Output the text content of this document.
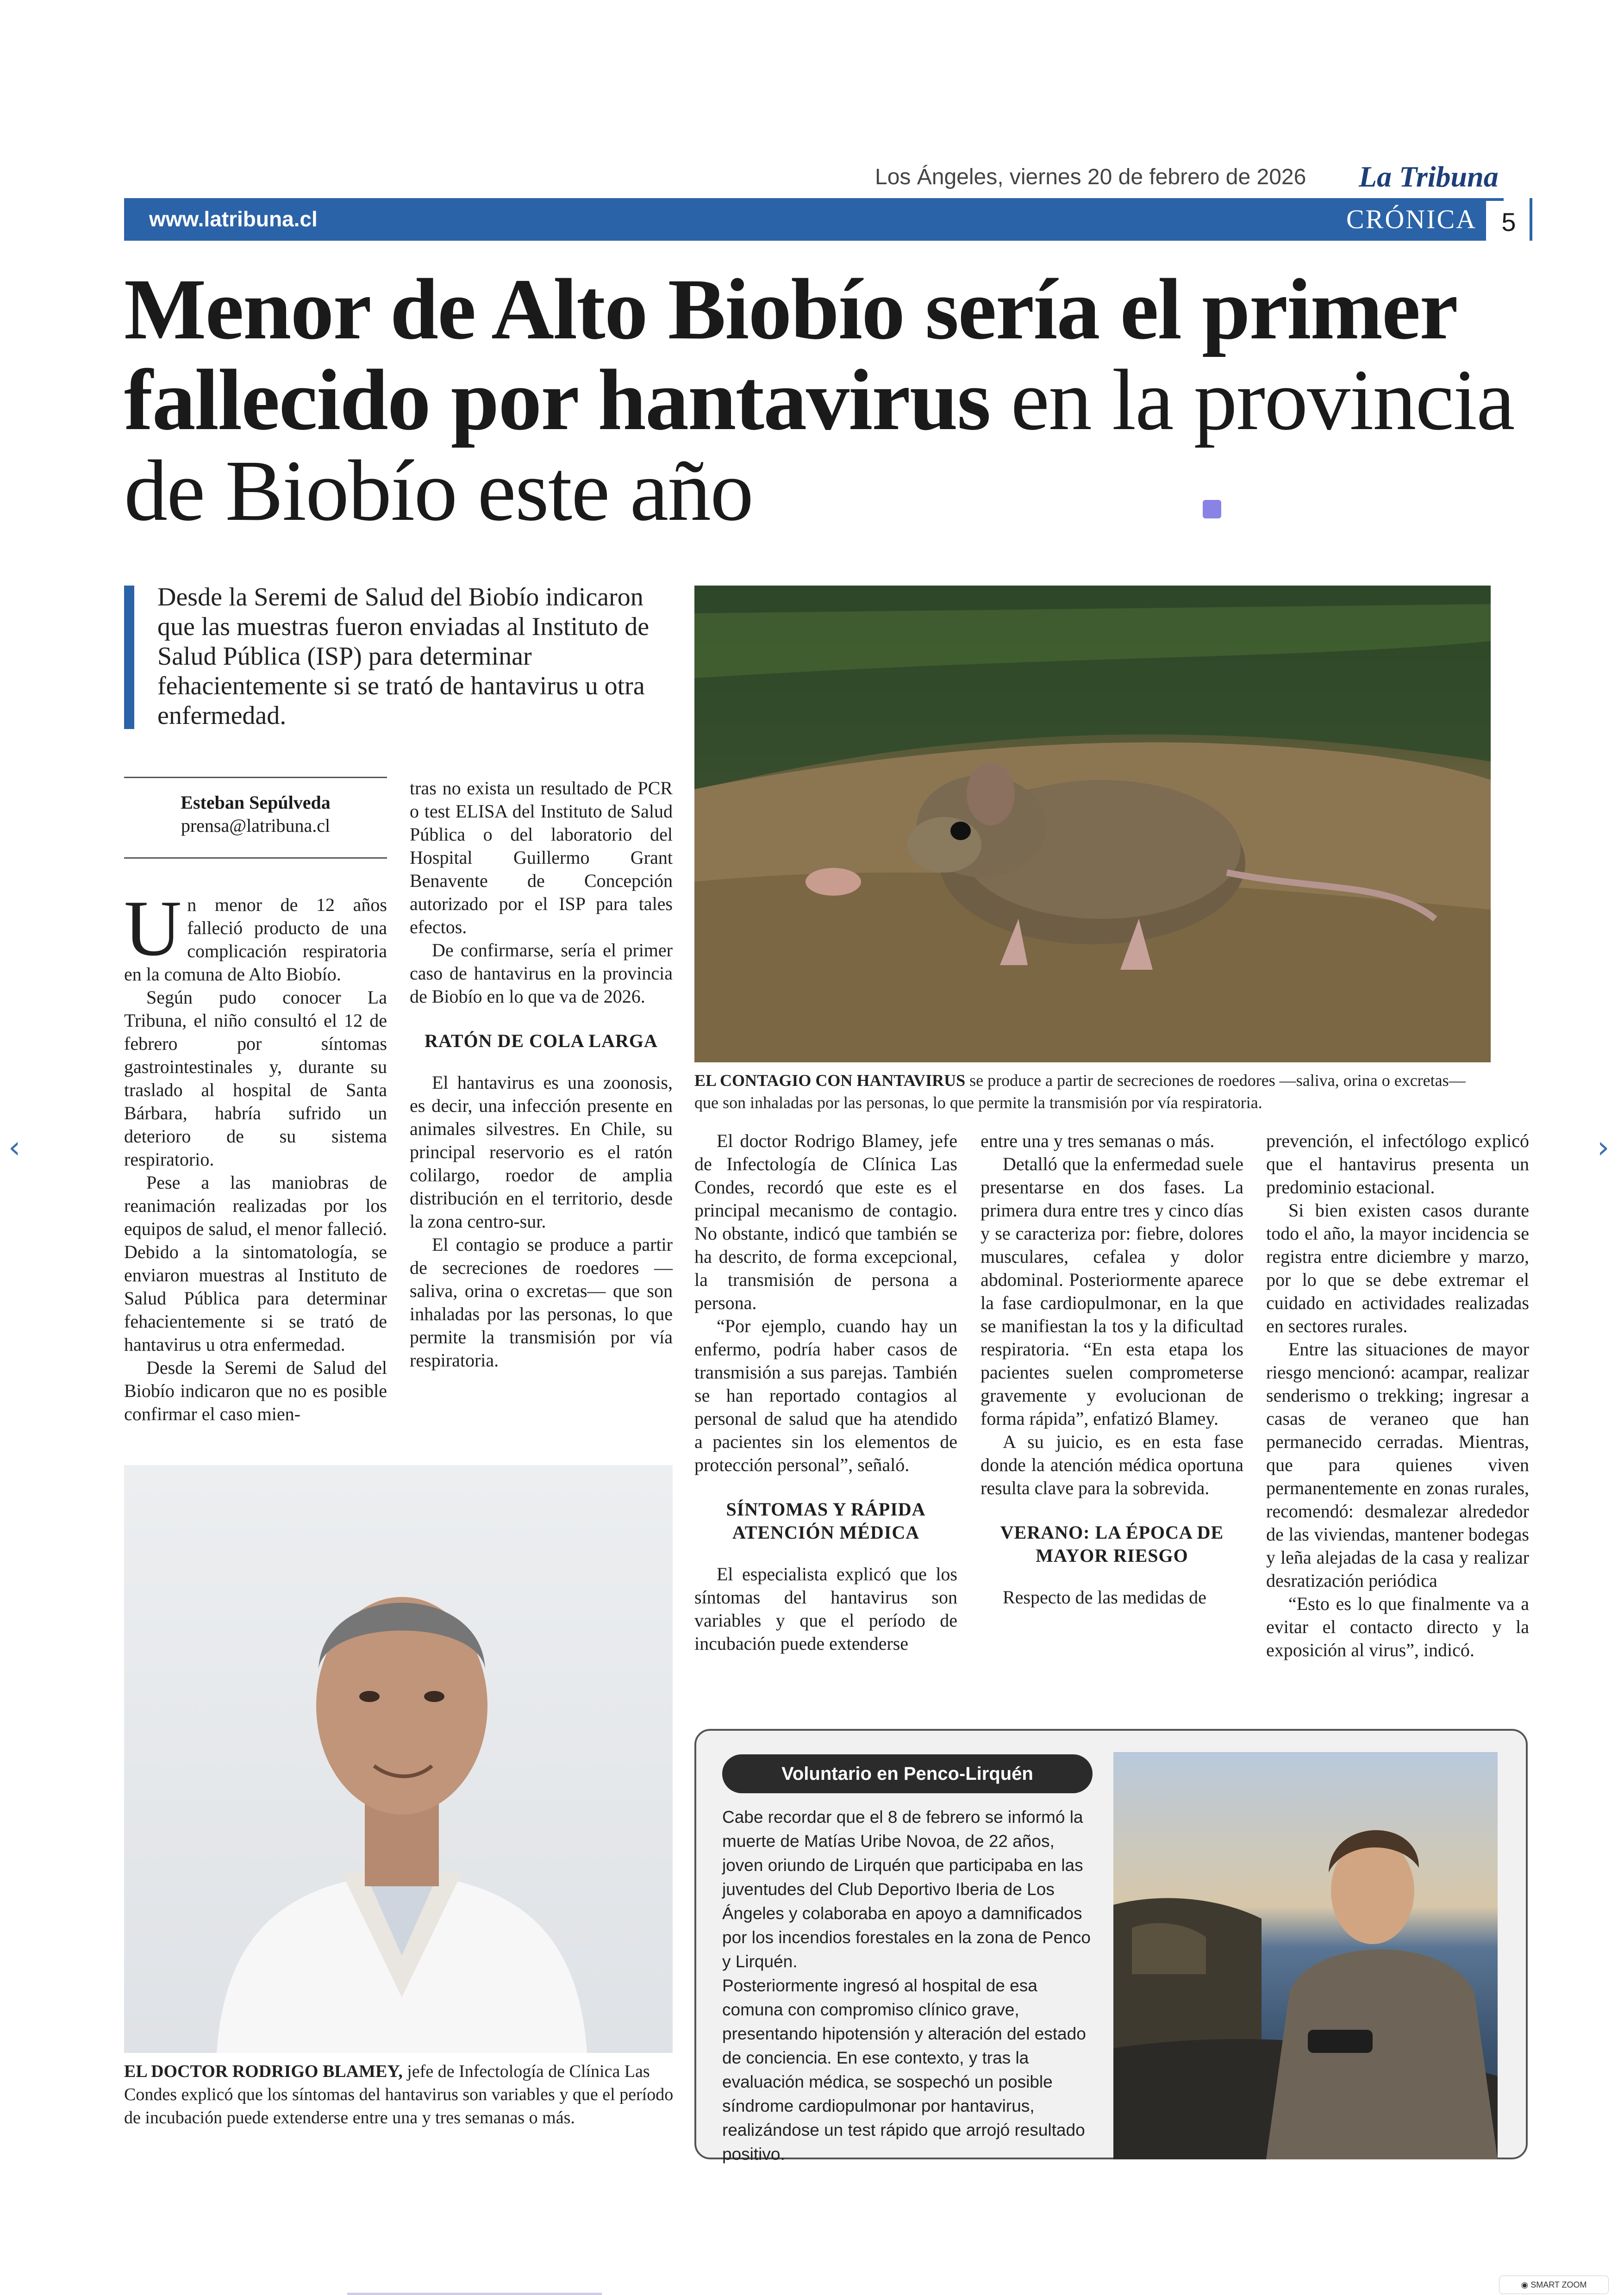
Los Ángeles, viernes 20 de febrero de 2026 La Tribuna
www.latribuna.cl	CRÓNICA 5
Menor de Alto Biobío sería el primer fallecido por hantavirus en la provincia de Biobío este año
Desde la Seremi de Salud del Biobío indicaron que las muestras fueron enviadas al Instituto de Salud Pública (ISP) para determinar fehacientemente si se trató de hantavirus u otra enfermedad.
Esteban Sepúlveda
prensa@latribuna.cl

Un menor de 12 años falleció producto de una complicación respiratoria en la comuna de Alto Biobío.

Según pudo conocer La Tribuna, el niño consultó el 12 de febrero por síntomas gastrointestinales y, durante su traslado al hospital de Santa Bárbara, habría sufrido un deterioro de su sistema respiratorio.

Pese a las maniobras de reanimación realizadas por los equipos de salud, el menor falleció. Debido a la sintomatología, se enviaron muestras al Instituto de Salud Pública para determinar fehacientemente si se trató de hantavirus u otra enfermedad.

Desde la Seremi de Salud del Biobío indicaron que no es posible confirmar el caso mien-

tras no exista un resultado de PCR o test ELISA del Instituto de Salud Pública o del laboratorio del Hospital Guillermo Grant Benavente de Concepción autorizado por el ISP para tales efectos.

De confirmarse, sería el primer caso de hantavirus en la provincia de Biobío en lo que va de 2026.

RATÓN DE COLA LARGA

El hantavirus es una zoonosis, es decir, una infección presente en animales silvestres. En Chile, su principal reservorio es el ratón colilargo, roedor de amplia distribución en el territorio, desde la zona centro-sur.

El contagio se produce a partir de secreciones de roedores —saliva, orina o excretas— que son inhaladas por las personas, lo que permite la transmisión por vía respiratoria.

EL CONTAGIO CON HANTAVIRUS se produce a partir de secreciones de roedores —saliva, orina o excretas— que son inhaladas por las personas, lo que permite la transmisión por vía respiratoria.

El doctor Rodrigo Blamey, jefe de Infectología de Clínica Las Condes, recordó que este es el principal mecanismo de contagio. No obstante, indicó que también se ha descrito, de forma excepcional, la transmisión de persona a persona.

“Por ejemplo, cuando hay un enfermo, podría haber casos de transmisión a sus parejas. También se han reportado contagios al personal de salud que ha atendido a pacientes sin los elementos de protección personal”, señaló.

SÍNTOMAS Y RÁPIDA ATENCIÓN MÉDICA

El especialista explicó que los síntomas del hantavirus son variables y que el período de incubación puede extenderse

entre una y tres semanas o más.

Detalló que la enfermedad suele presentarse en dos fases. La primera dura entre tres y cinco días y se caracteriza por: fiebre, dolores musculares, cefalea y dolor abdominal. Posteriormente aparece la fase cardiopulmonar, en la que se manifiestan la tos y la dificultad respiratoria. “En esta etapa los pacientes suelen comprometerse gravemente y evolucionan de forma rápida”, enfatizó Blamey.

A su juicio, es en esta fase donde la atención médica oportuna resulta clave para la sobrevida.

VERANO: LA ÉPOCA DE MAYOR RIESGO

Respecto de las medidas de

prevención, el infectólogo explicó que el hantavirus presenta un predominio estacional.

Si bien existen casos durante todo el año, la mayor incidencia se registra entre diciembre y marzo, por lo que se debe extremar el cuidado en actividades realizadas en sectores rurales.

Entre las situaciones de mayor riesgo mencionó: acampar, realizar senderismo o trekking; ingresar a casas de veraneo que han permanecido cerradas. Mientras, que para quienes viven permanentemente en zonas rurales, recomendó: desmalezar alrededor de las viviendas, mantener bodegas y leña alejadas de la casa y realizar desratización periódica

“Esto es lo que finalmente va a evitar el contacto directo y la exposición al virus”, indicó.

EL DOCTOR RODRIGO BLAMEY, jefe de Infectología de Clínica Las Condes explicó que los síntomas del hantavirus son variables y que el período de incubación puede extenderse entre una y tres semanas o más.
Voluntario en Penco-Lirquén

Cabe recordar que el 8 de febrero se informó la muerte de Matías Uribe Novoa, de 22 años, joven oriundo de Lirquén que participaba en las juventudes del Club Deportivo Iberia de Los Ángeles y colaboraba en apoyo a damnificados por los incendios forestales en la zona de Penco y Lirquén.

Posteriormente ingresó al hospital de esa comuna con compromiso clínico grave, presentando hipotensión y alteración del estado de conciencia. En ese contexto, y tras la evaluación médica, se sospechó un posible síndrome cardiopulmonar por hantavirus, realizándose un test rápido que arrojó resultado positivo.

‹	›
◉ SMART ZOOM
